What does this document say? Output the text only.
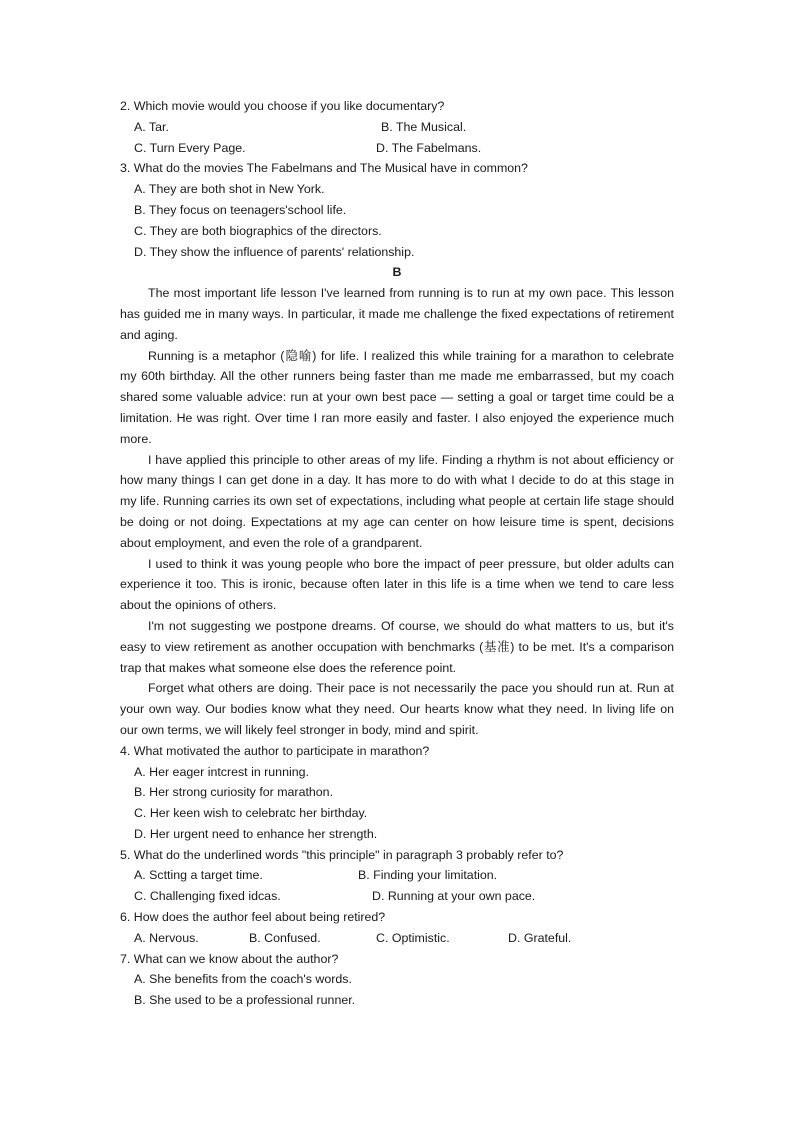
2. Which movie would you choose if you like documentary?
A. Tar.	B. The Musical.
C. Turn Every Page.	D. The Fabelmans.
3. What do the movies The Fabelmans and The Musical have in common?
A. They are both shot in New York.
B. They focus on teenagers'school life.
C. They are both biographics of the directors.
D. They show the influence of parents' relationship.
B

The most important life lesson I've learned from running is to run at my own pace. This lesson has guided me in many ways. In particular, it made me challenge the fixed expectations of retirement and aging.

Running is a metaphor (隐喻) for life. I realized this while training for a marathon to celebrate my 60th birthday. All the other runners being faster than me made me embarrassed, but my coach shared some valuable advice: run at your own best pace — setting a goal or target time could be a limitation. He was right. Over time I ran more easily and faster. I also enjoyed the experience much more.

I have applied this principle to other areas of my life. Finding a rhythm is not about efficiency or how many things I can get done in a day. It has more to do with what I decide to do at this stage in my life. Running carries its own set of expectations, including what people at certain life stage should be doing or not doing. Expectations at my age can center on how leisure time is spent, decisions about employment, and even the role of a grandparent.

I used to think it was young people who bore the impact of peer pressure, but older adults can experience it too. This is ironic, because often later in this life is a time when we tend to care less about the opinions of others.

I'm not suggesting we postpone dreams. Of course, we should do what matters to us, but it's easy to view retirement as another occupation with benchmarks (基准) to be met. It's a comparison trap that makes what someone else does the reference point.

Forget what others are doing. Their pace is not necessarily the pace you should run at. Run at your own way. Our bodies know what they need. Our hearts know what they need. In living life on our own terms, we will likely feel stronger in body, mind and spirit.

4. What motivated the author to participate in marathon?
A. Her eager intcrest in running.
B. Her strong curiosity for marathon.
C. Her keen wish to celebratc her birthday.
D. Her urgent need to enhance her strength.
5. What do the underlined words "this principle" in paragraph 3 probably refer to?
A. Sctting a target time.	B. Finding your limitation.
C. Challenging fixed idcas.	D. Running at your own pace.
6. How does the author feel about being retired?
A. Nervous.	B. Confused.	C. Optimistic.	D. Grateful.
7. What can we know about the author?
A. She benefits from the coach's words.
B. She used to be a professional runner.
